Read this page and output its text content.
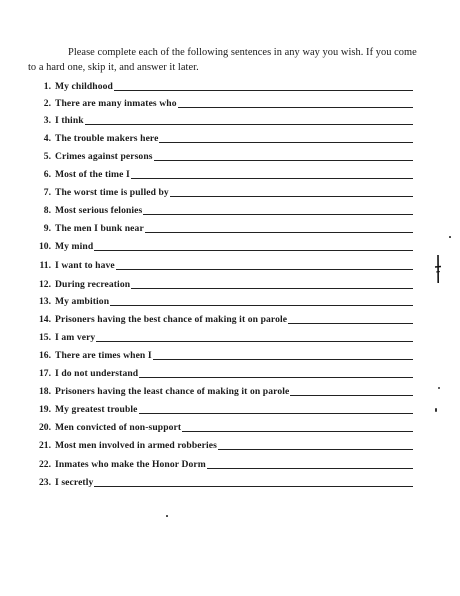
Please complete each of the following sentences in any way you wish. If you come to a hard one, skip it, and answer it later.

1. My childhood
2. There are many inmates who
3. I think
4. The trouble makers here
5. Crimes against persons
6. Most of the time I
7. The worst time is pulled by
8. Most serious felonies
9. The men I bunk near
10. My mind
11. I want to have
12. During recreation
13. My ambition
14. Prisoners having the best chance of making it on parole
15. I am very
16. There are times when I
17. I do not understand
18. Prisoners having the least chance of making it on parole
19. My greatest trouble
20. Men convicted of non-support
21. Most men involved in armed robberies
22. Inmates who make the Honor Dorm
23. I secretly
